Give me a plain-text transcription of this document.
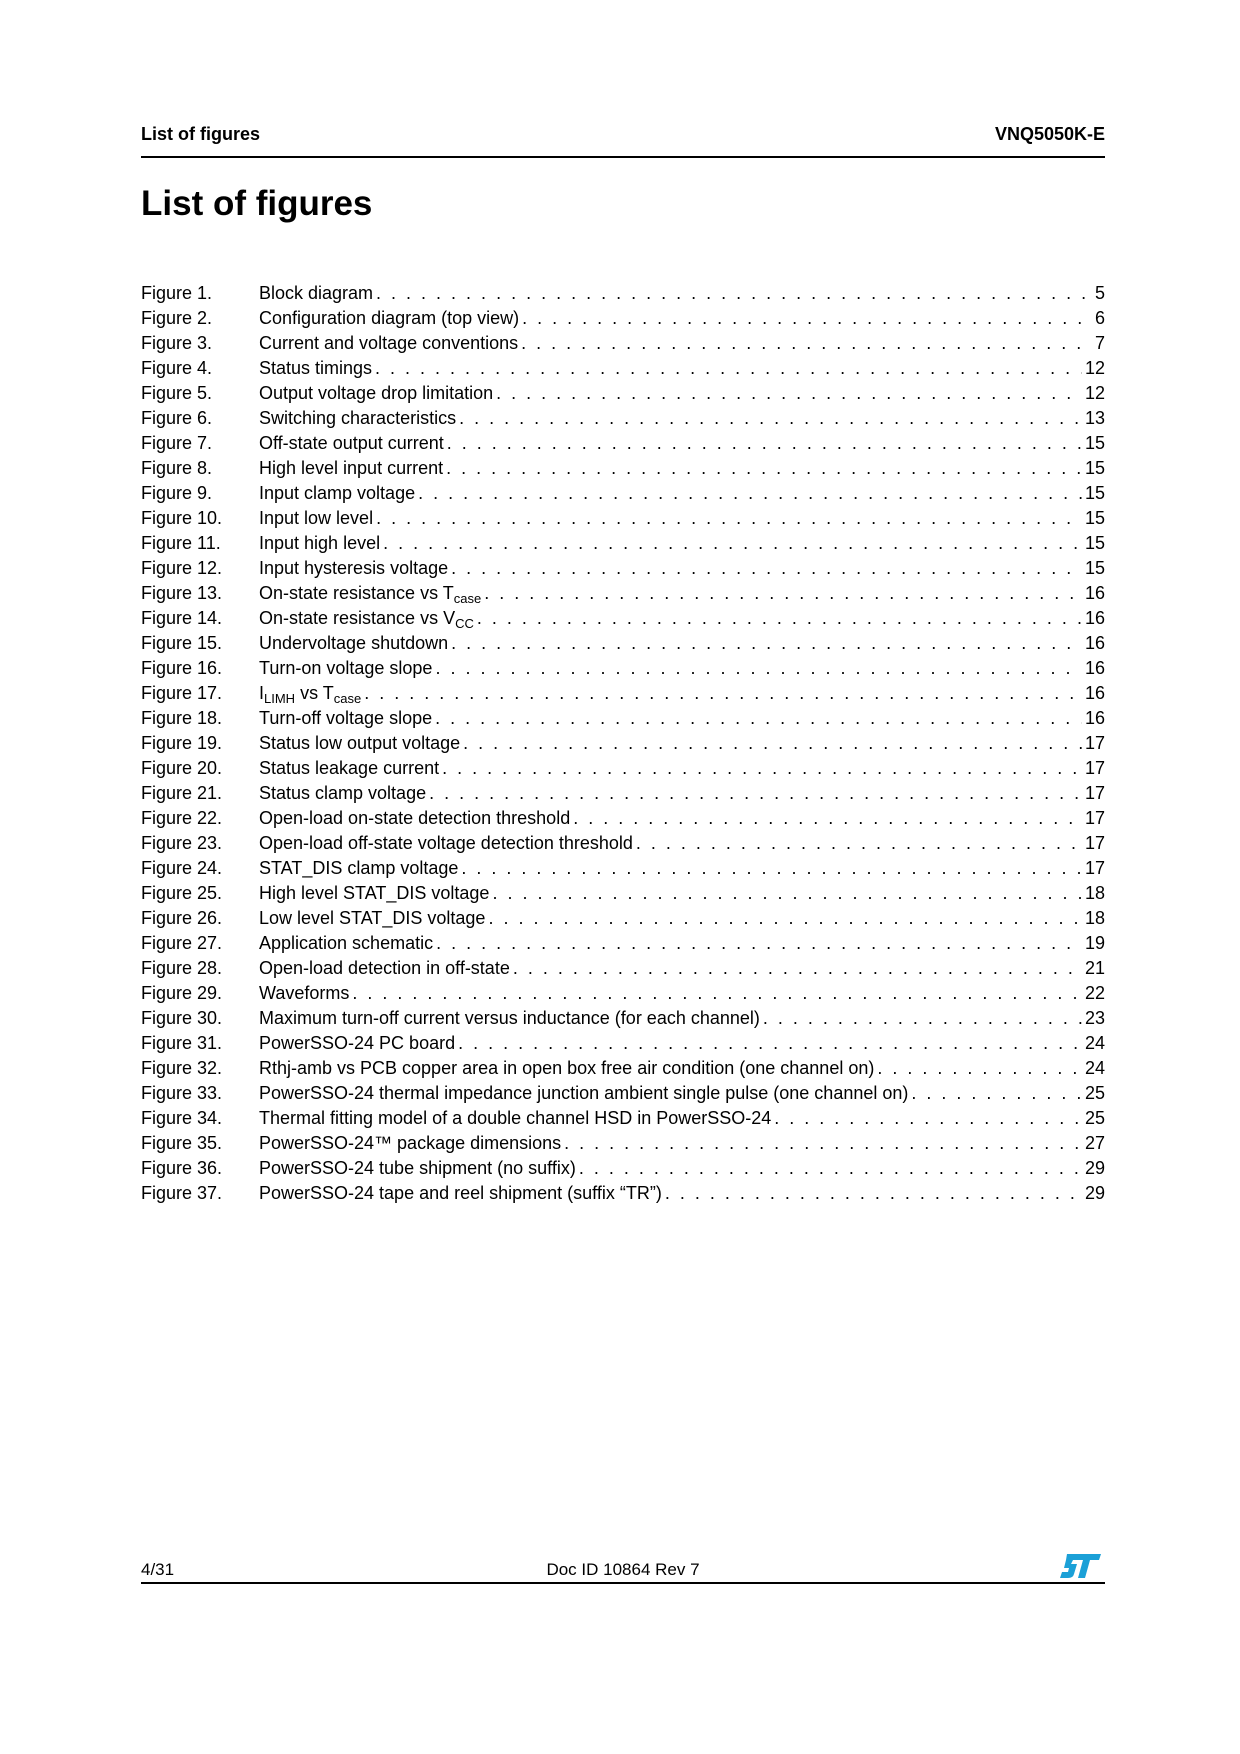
List of figures	VNQ5050K-E
List of figures
Figure 1.	Block diagram . . .	5
Figure 2.	Configuration diagram (top view) . . .	6
Figure 3.	Current and voltage conventions . . .	7
Figure 4.	Status timings . . .	12
Figure 5.	Output voltage drop limitation . . .	12
Figure 6.	Switching characteristics . . .	13
Figure 7.	Off-state output current . . .	15
Figure 8.	High level input current . . .	15
Figure 9.	Input clamp voltage . . .	15
Figure 10.	Input low level . . .	15
Figure 11.	Input high level . . .	15
Figure 12.	Input hysteresis voltage . . .	15
Figure 13.	On-state resistance vs $T_{case}$ . . .	16
Figure 14.	On-state resistance vs $V_{CC}$ . . .	16
Figure 15.	Undervoltage shutdown . . .	16
Figure 16.	Turn-on voltage slope . . .	16
Figure 17.	$I_{LIMH}$ vs $T_{case}$ . . .	16
Figure 18.	Turn-off voltage slope . . .	16
Figure 19.	Status low output voltage . . .	17
Figure 20.	Status leakage current . . .	17
Figure 21.	Status clamp voltage . . .	17
Figure 22.	Open-load on-state detection threshold . . .	17
Figure 23.	Open-load off-state voltage detection threshold . . .	17
Figure 24.	STAT_DIS clamp voltage . . .	17
Figure 25.	High level STAT_DIS voltage . . .	18
Figure 26.	Low level STAT_DIS voltage . . .	18
Figure 27.	Application schematic . . .	19
Figure 28.	Open-load detection in off-state . . .	21
Figure 29.	Waveforms . . .	22
Figure 30.	Maximum turn-off current versus inductance (for each channel) . . .	23
Figure 31.	PowerSSO-24 PC board . . .	24
Figure 32.	Rthj-amb vs PCB copper area in open box free air condition (one channel on) . . .	24
Figure 33.	PowerSSO-24 thermal impedance junction ambient single pulse (one channel on) . . .	25
Figure 34.	Thermal fitting model of a double channel HSD in PowerSSO-24 . . .	25
Figure 35.	PowerSSO-24™ package dimensions . . .	27
Figure 36.	PowerSSO-24 tube shipment (no suffix) . . .	29
Figure 37.	PowerSSO-24 tape and reel shipment (suffix “TR”) . . .	29
4/31	Doc ID 10864 Rev 7
